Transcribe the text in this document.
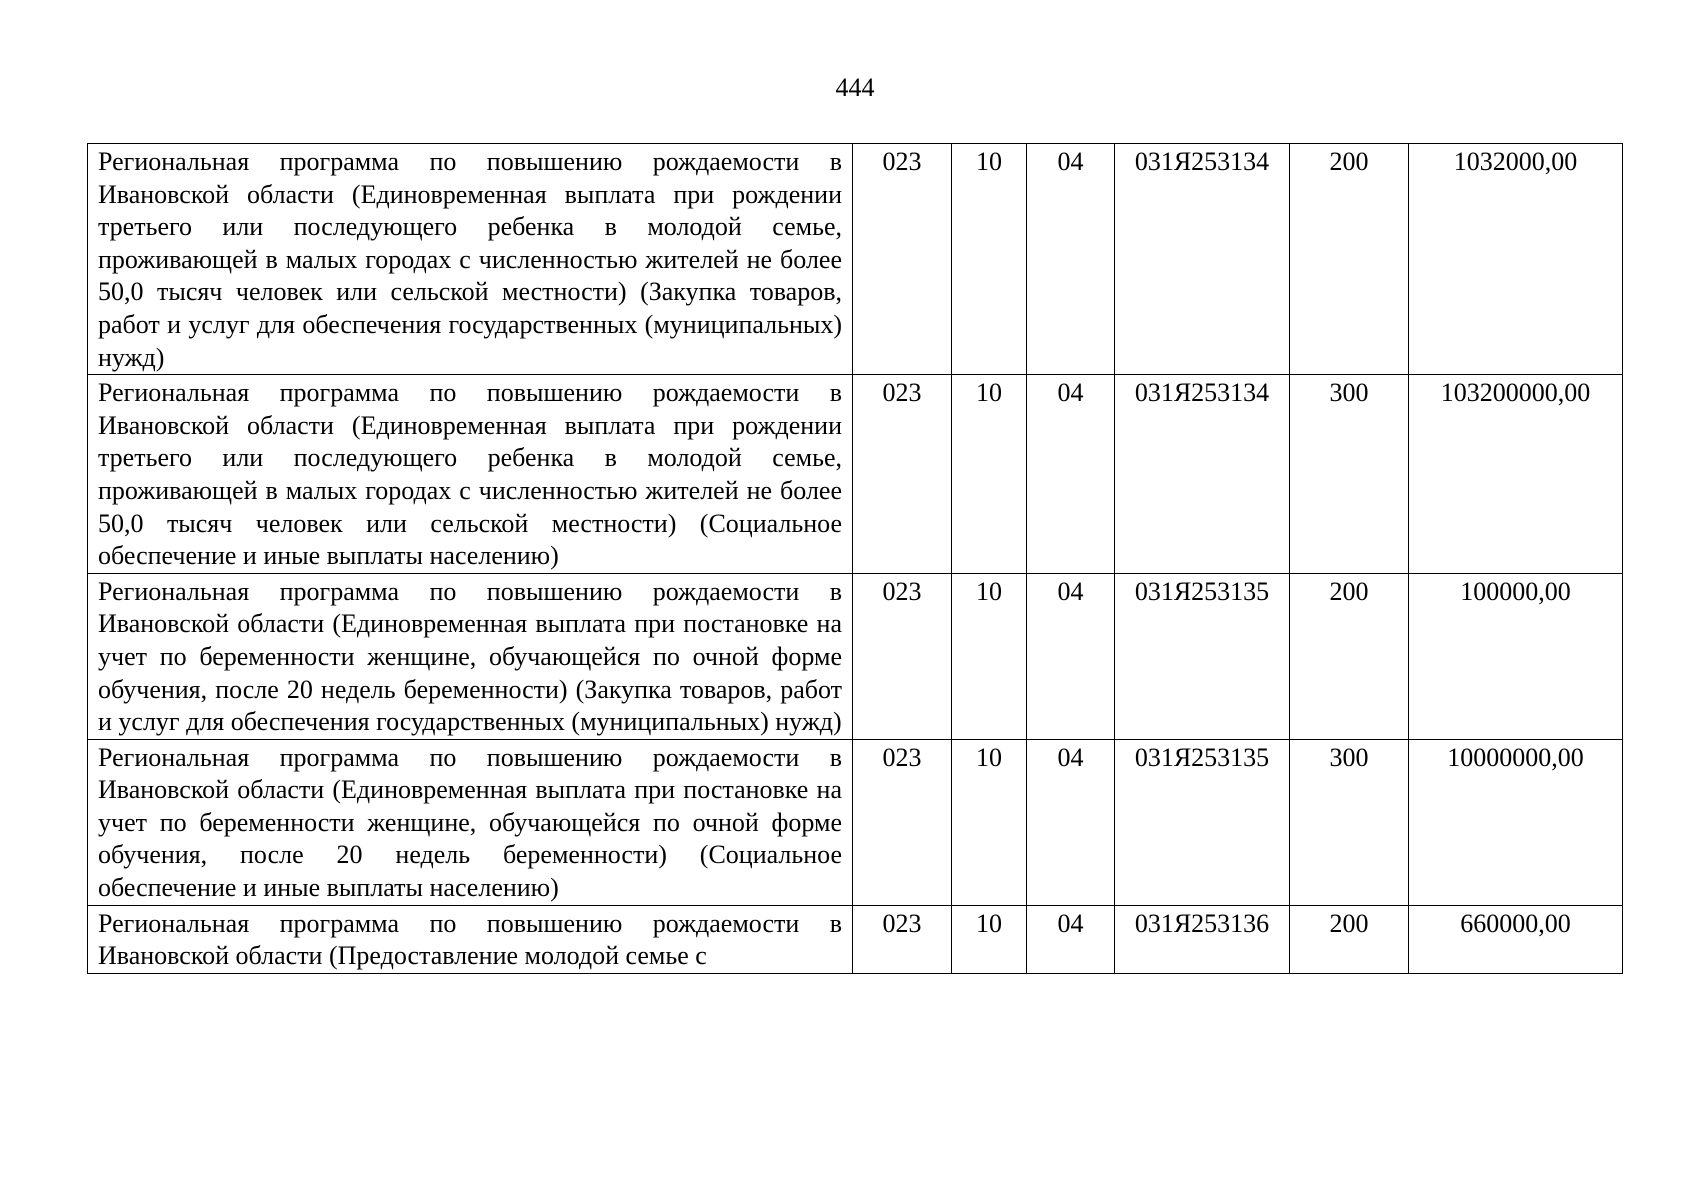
444
Региональная программа по повышению рождаемости в Ивановской области (Единовременная выплата при рождении третьего или последующего ребенка в молодой семье, проживающей в малых городах с численностью жителей не более 50,0 тысяч человек или сельской местности) (Закупка товаров, работ и услуг для обеспечения государственных (муниципальных) нужд)	023	10	04	031Я253134	200	1032000,00
Региональная программа по повышению рождаемости в Ивановской области (Единовременная выплата при рождении третьего или последующего ребенка в молодой семье, проживающей в малых городах с численностью жителей не более 50,0 тысяч человек или сельской местности) (Социальное обеспечение и иные выплаты населению)	023	10	04	031Я253134	300	103200000,00
Региональная программа по повышению рождаемости в Ивановской области (Единовременная выплата при постановке на учет по беременности женщине, обучающейся по очной форме обучения, после 20 недель беременности) (Закупка товаров, работ и услуг для обеспечения государственных (муниципальных) нужд)	023	10	04	031Я253135	200	100000,00
Региональная программа по повышению рождаемости в Ивановской области (Единовременная выплата при постановке на учет по беременности женщине, обучающейся по очной форме обучения, после 20 недель беременности) (Социальное обеспечение и иные выплаты населению)	023	10	04	031Я253135	300	10000000,00
Региональная программа по повышению рождаемости в Ивановской области (Предоставление молодой семье с	023	10	04	031Я253136	200	660000,00
